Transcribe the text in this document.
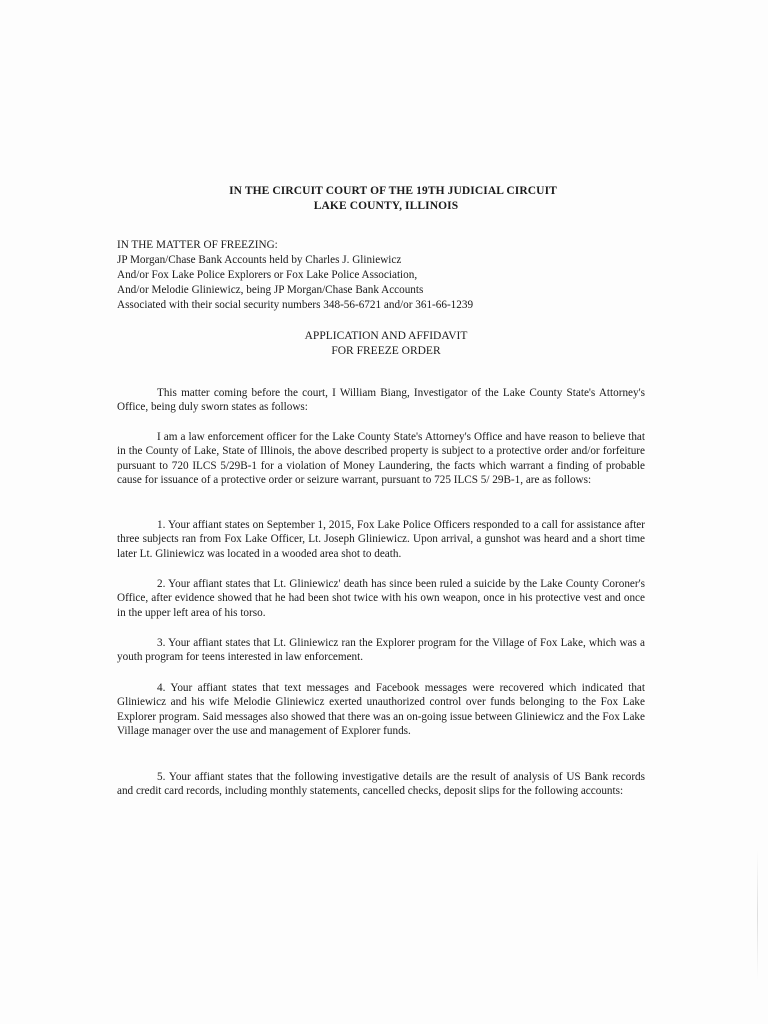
IN THE CIRCUIT COURT OF THE 19TH JUDICIAL CIRCUIT
LAKE COUNTY, ILLINOIS
IN THE MATTER OF FREEZING:
JP Morgan/Chase Bank Accounts held by Charles J. Gliniewicz
And/or Fox Lake Police Explorers or Fox Lake Police Association,
And/or Melodie Gliniewicz, being JP Morgan/Chase Bank Accounts
Associated with their social security numbers 348-56-6721 and/or 361-66-1239
APPLICATION AND AFFIDAVIT
FOR FREEZE ORDER

This matter coming before the court, I William Biang, Investigator of the Lake County State's Attorney's Office, being duly sworn states as follows:

I am a law enforcement officer for the Lake County State's Attorney's Office and have reason to believe that in the County of Lake, State of Illinois, the above described property is subject to a protective order and/or forfeiture pursuant to 720 ILCS 5/29B-1 for a violation of Money Laundering, the facts which warrant a finding of probable cause for issuance of a protective order or seizure warrant, pursuant to 725 ILCS 5/ 29B-1, are as follows:

1. Your affiant states on September 1, 2015, Fox Lake Police Officers responded to a call for assistance after three subjects ran from Fox Lake Officer, Lt. Joseph Gliniewicz. Upon arrival, a gunshot was heard and a short time later Lt. Gliniewicz was located in a wooded area shot to death.

2. Your affiant states that Lt. Gliniewicz' death has since been ruled a suicide by the Lake County Coroner's Office, after evidence showed that he had been shot twice with his own weapon, once in his protective vest and once in the upper left area of his torso.

3. Your affiant states that Lt. Gliniewicz ran the Explorer program for the Village of Fox Lake, which was a youth program for teens interested in law enforcement.

4. Your affiant states that text messages and Facebook messages were recovered which indicated that Gliniewicz and his wife Melodie Gliniewicz exerted unauthorized control over funds belonging to the Fox Lake Explorer program. Said messages also showed that there was an on-going issue between Gliniewicz and the Fox Lake Village manager over the use and management of Explorer funds.

5. Your affiant states that the following investigative details are the result of analysis of US Bank records and credit card records, including monthly statements, cancelled checks, deposit slips for the following accounts:
